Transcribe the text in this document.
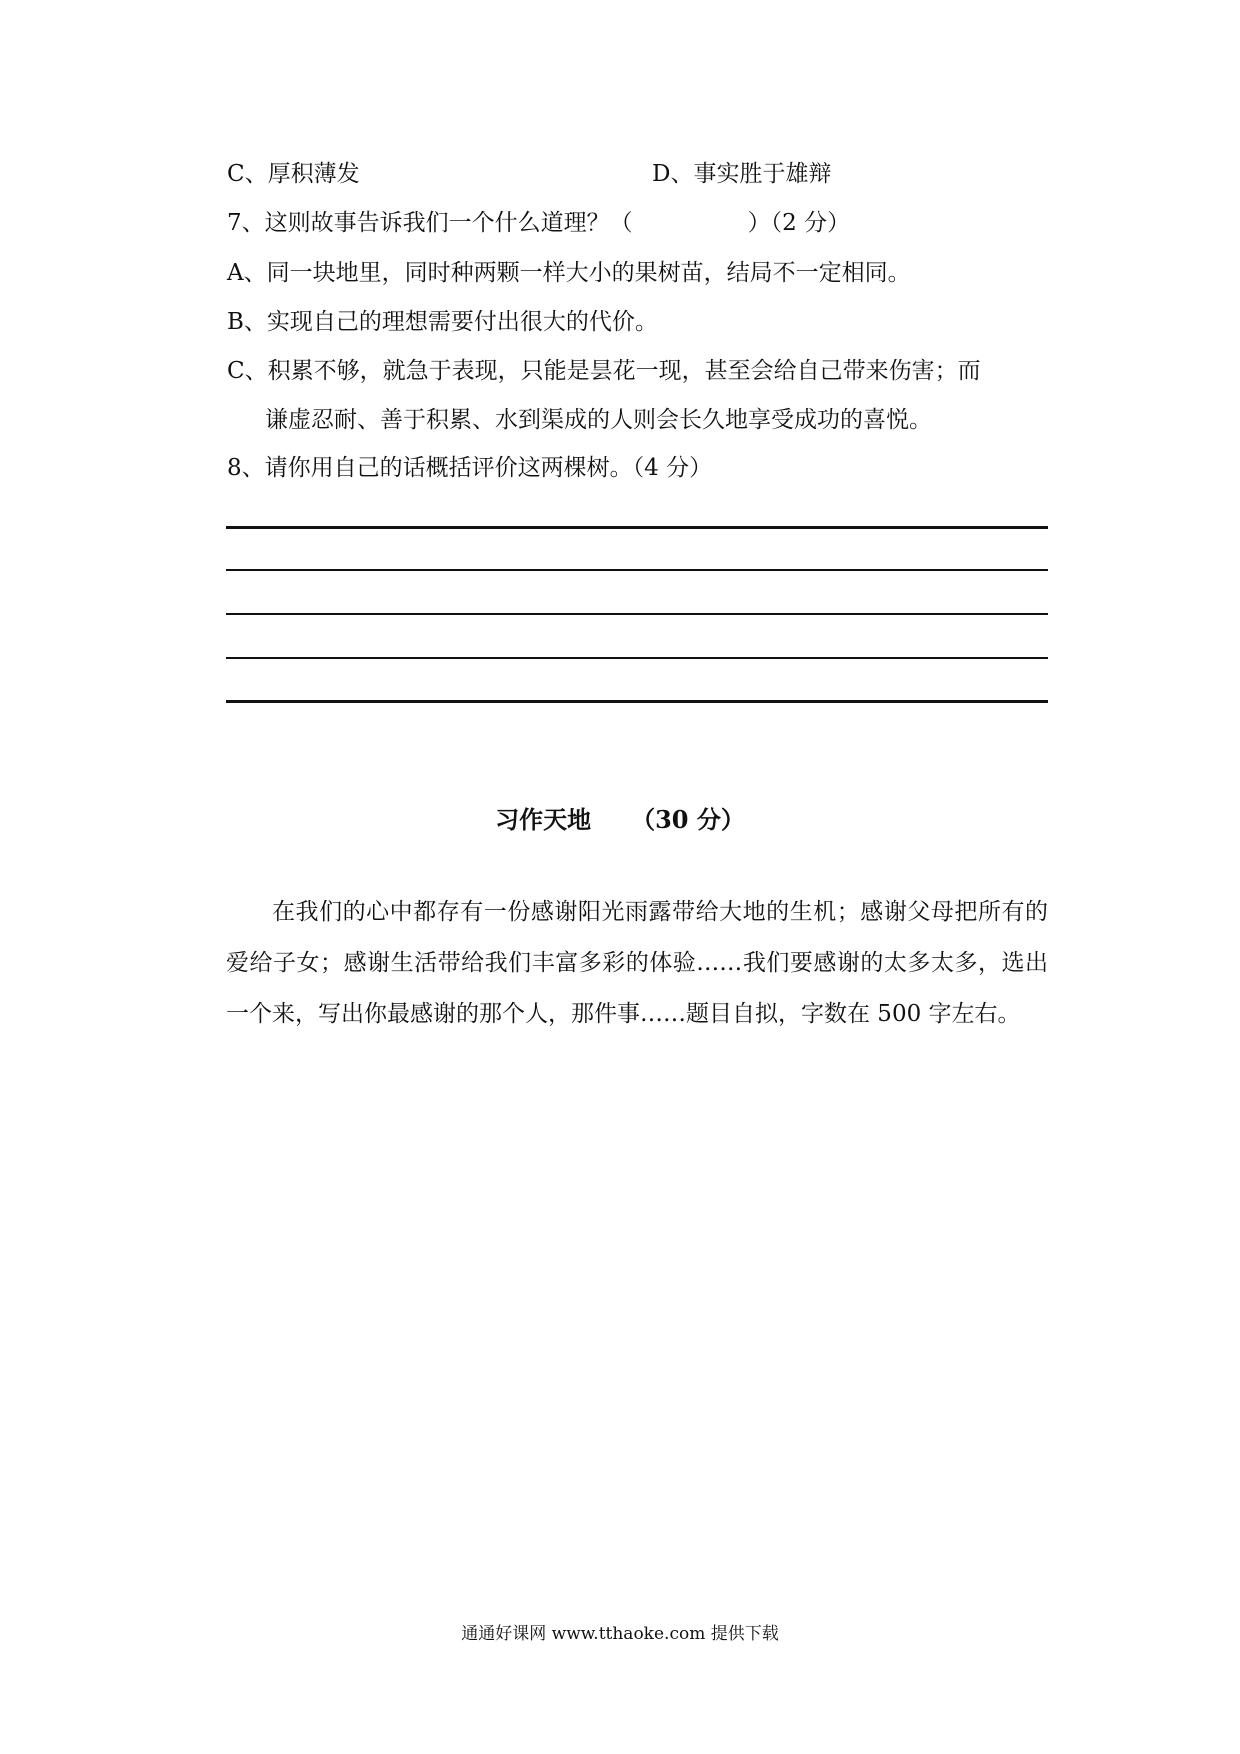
C、厚积薄发	D、事实胜于雄辩
7、这则故事告诉我们一个什么道理？（　　　　　）（2 分）
A、同一块地里，同时种两颗一样大小的果树苗，结局不一定相同。
B、实现自己的理想需要付出很大的代价。
C、积累不够，就急于表现，只能是昙花一现，甚至会给自己带来伤害；而
谦虚忍耐、善于积累、水到渠成的人则会长久地享受成功的喜悦。
8、请你用自己的话概括评价这两棵树。（4 分）
习作天地 （30 分）
在我们的心中都存有一份感谢阳光雨露带给大地的生机；感谢父母把所有的爱给子女；感谢生活带给我们丰富多彩的体验……我们要感谢的太多太多，选出一个来，写出你最感谢的那个人，那件事……题目自拟，字数在 500 字左右。
通通好课网 www.tthaoke.com 提供下载
